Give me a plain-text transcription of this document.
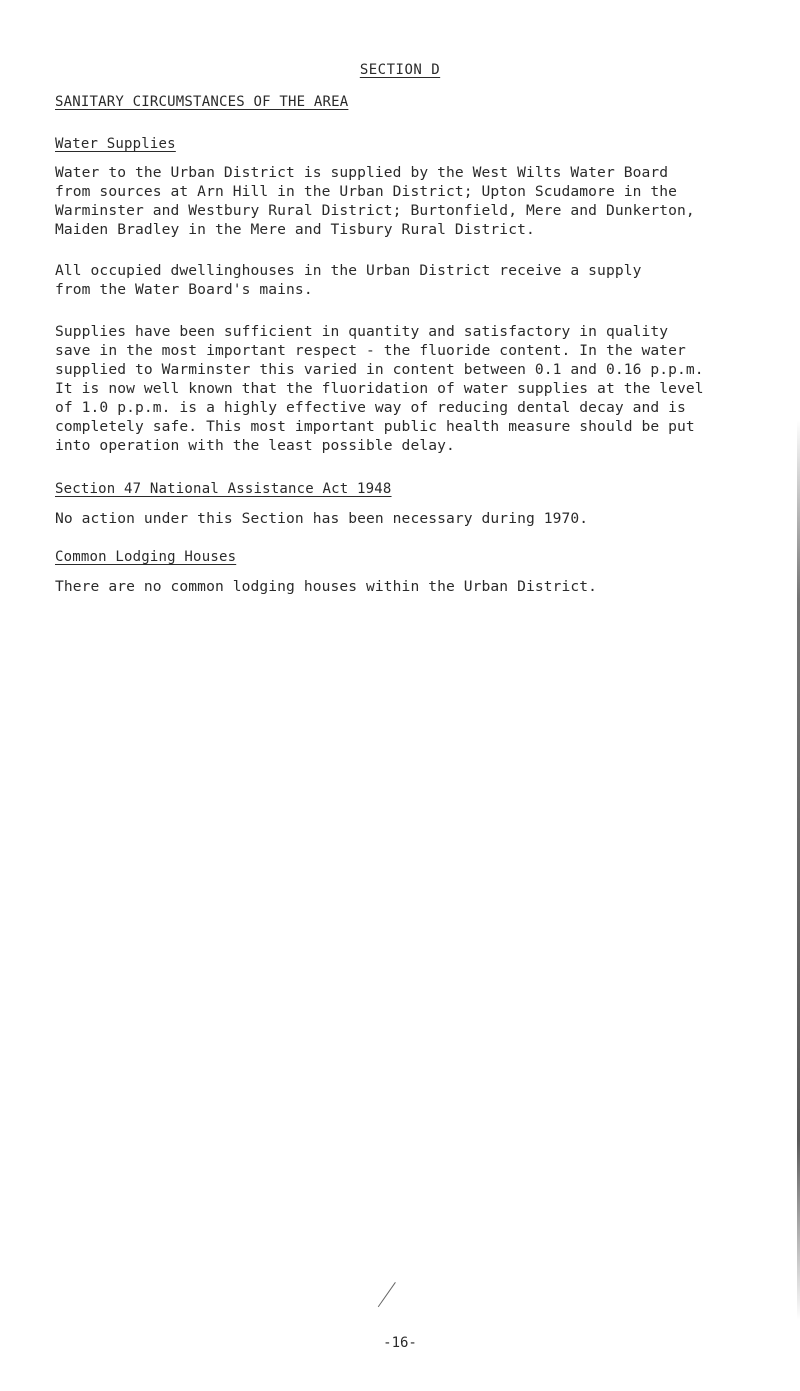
SECTION D
SANITARY CIRCUMSTANCES OF THE AREA
Water Supplies

Water to the Urban District is supplied by the West Wilts Water Board
from sources at Arn Hill in the Urban District; Upton Scudamore in the
Warminster and Westbury Rural District; Burtonfield, Mere and Dunkerton,
Maiden Bradley in the Mere and Tisbury Rural District.

All occupied dwellinghouses in the Urban District receive a supply
from the Water Board's mains.

Supplies have been sufficient in quantity and satisfactory in quality
save in the most important respect - the fluoride content. In the water
supplied to Warminster this varied in content between 0.1 and 0.16 p.p.m.
It is now well known that the fluoridation of water supplies at the level
of 1.0 p.p.m. is a highly effective way of reducing dental decay and is
completely safe. This most important public health measure should be put
into operation with the least possible delay.

Section 47 National Assistance Act 1948

No action under this Section has been necessary during 1970.

Common Lodging Houses

There are no common lodging houses within the Urban District.

-16-
